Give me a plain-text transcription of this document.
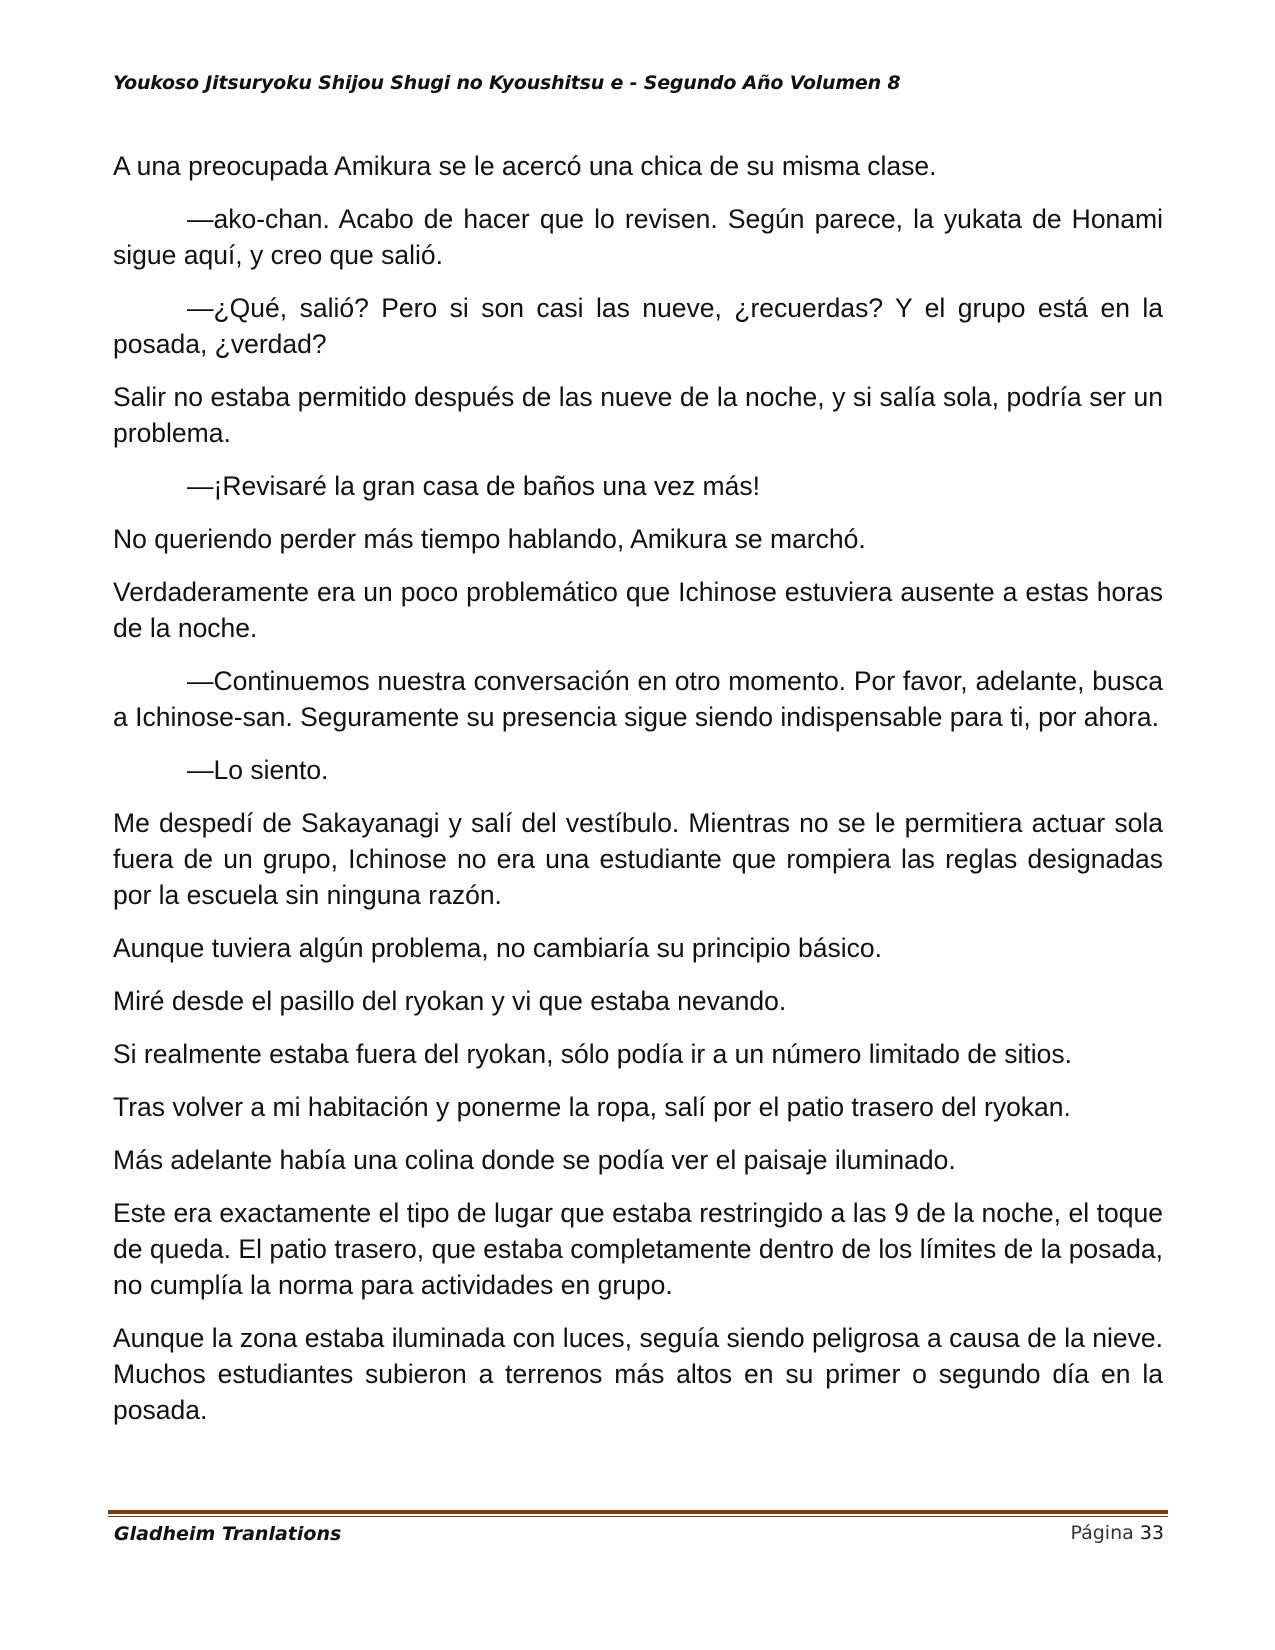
Youkoso Jitsuryoku Shijou Shugi no Kyoushitsu e - Segundo Año Volumen 8

A una preocupada Amikura se le acercó una chica de su misma clase.

—ako-chan. Acabo de hacer que lo revisen. Según parece, la yukata de Honami sigue aquí, y creo que salió.

—¿Qué, salió? Pero si son casi las nueve, ¿recuerdas? Y el grupo está en la posada, ¿verdad?

Salir no estaba permitido después de las nueve de la noche, y si salía sola, podría ser un problema.

—¡Revisaré la gran casa de baños una vez más!

No queriendo perder más tiempo hablando, Amikura se marchó.

Verdaderamente era un poco problemático que Ichinose estuviera ausente a estas horas de la noche.

—Continuemos nuestra conversación en otro momento. Por favor, adelante, busca a Ichinose-san. Seguramente su presencia sigue siendo indispensable para ti, por ahora.

—Lo siento.

Me despedí de Sakayanagi y salí del vestíbulo. Mientras no se le permitiera actuar sola fuera de un grupo, Ichinose no era una estudiante que rompiera las reglas designadas por la escuela sin ninguna razón.

Aunque tuviera algún problema, no cambiaría su principio básico.

Miré desde el pasillo del ryokan y vi que estaba nevando.

Si realmente estaba fuera del ryokan, sólo podía ir a un número limitado de sitios.

Tras volver a mi habitación y ponerme la ropa, salí por el patio trasero del ryokan.

Más adelante había una colina donde se podía ver el paisaje iluminado.

Este era exactamente el tipo de lugar que estaba restringido a las 9 de la noche, el toque de queda. El patio trasero, que estaba completamente dentro de los límites de la posada, no cumplía la norma para actividades en grupo.

Aunque la zona estaba iluminada con luces, seguía siendo peligrosa a causa de la nieve. Muchos estudiantes subieron a terrenos más altos en su primer o segundo día en la posada.

Gladheim Tranlations	Página 33
